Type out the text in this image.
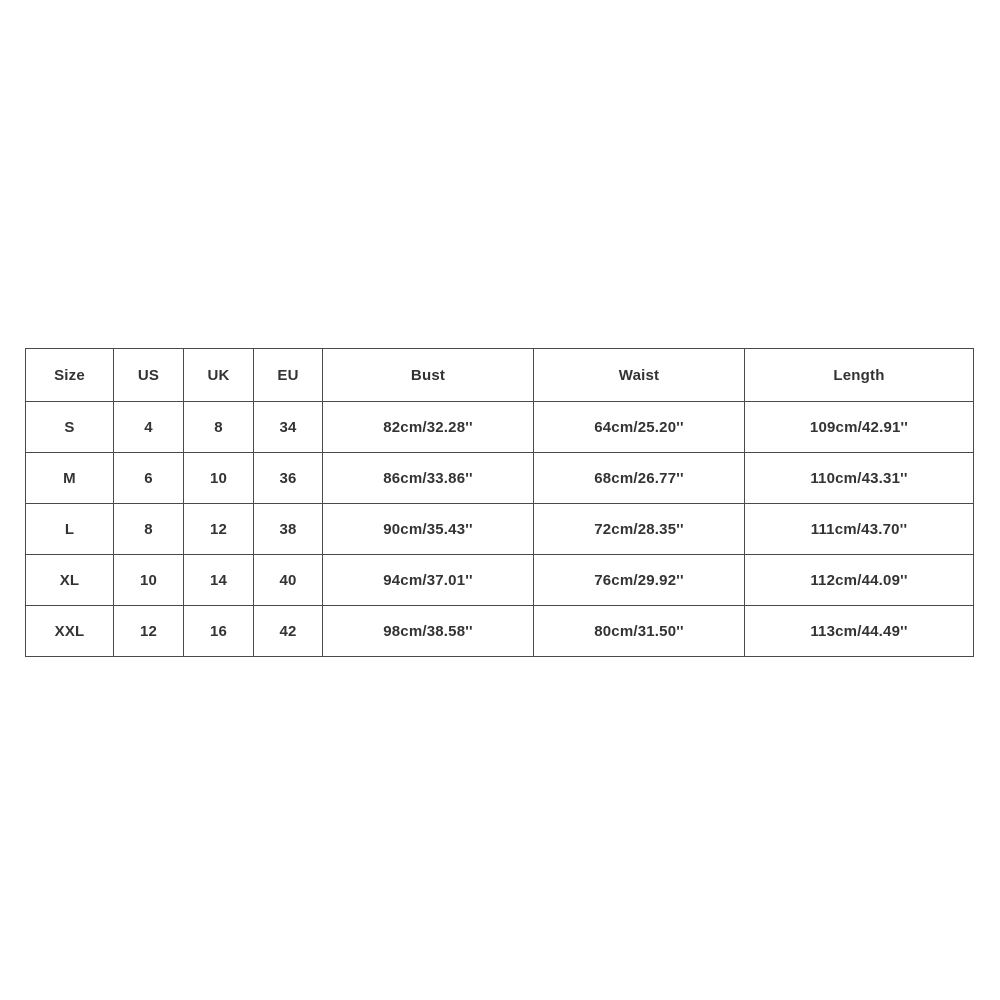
Size	US	UK	EU	Bust	Waist	Length
S	4	8	34	82cm/32.28''	64cm/25.20''	109cm/42.91''
M	6	10	36	86cm/33.86''	68cm/26.77''	110cm/43.31''
L	8	12	38	90cm/35.43''	72cm/28.35''	111cm/43.70''
XL	10	14	40	94cm/37.01''	76cm/29.92''	112cm/44.09''
XXL	12	16	42	98cm/38.58''	80cm/31.50''	113cm/44.49''
